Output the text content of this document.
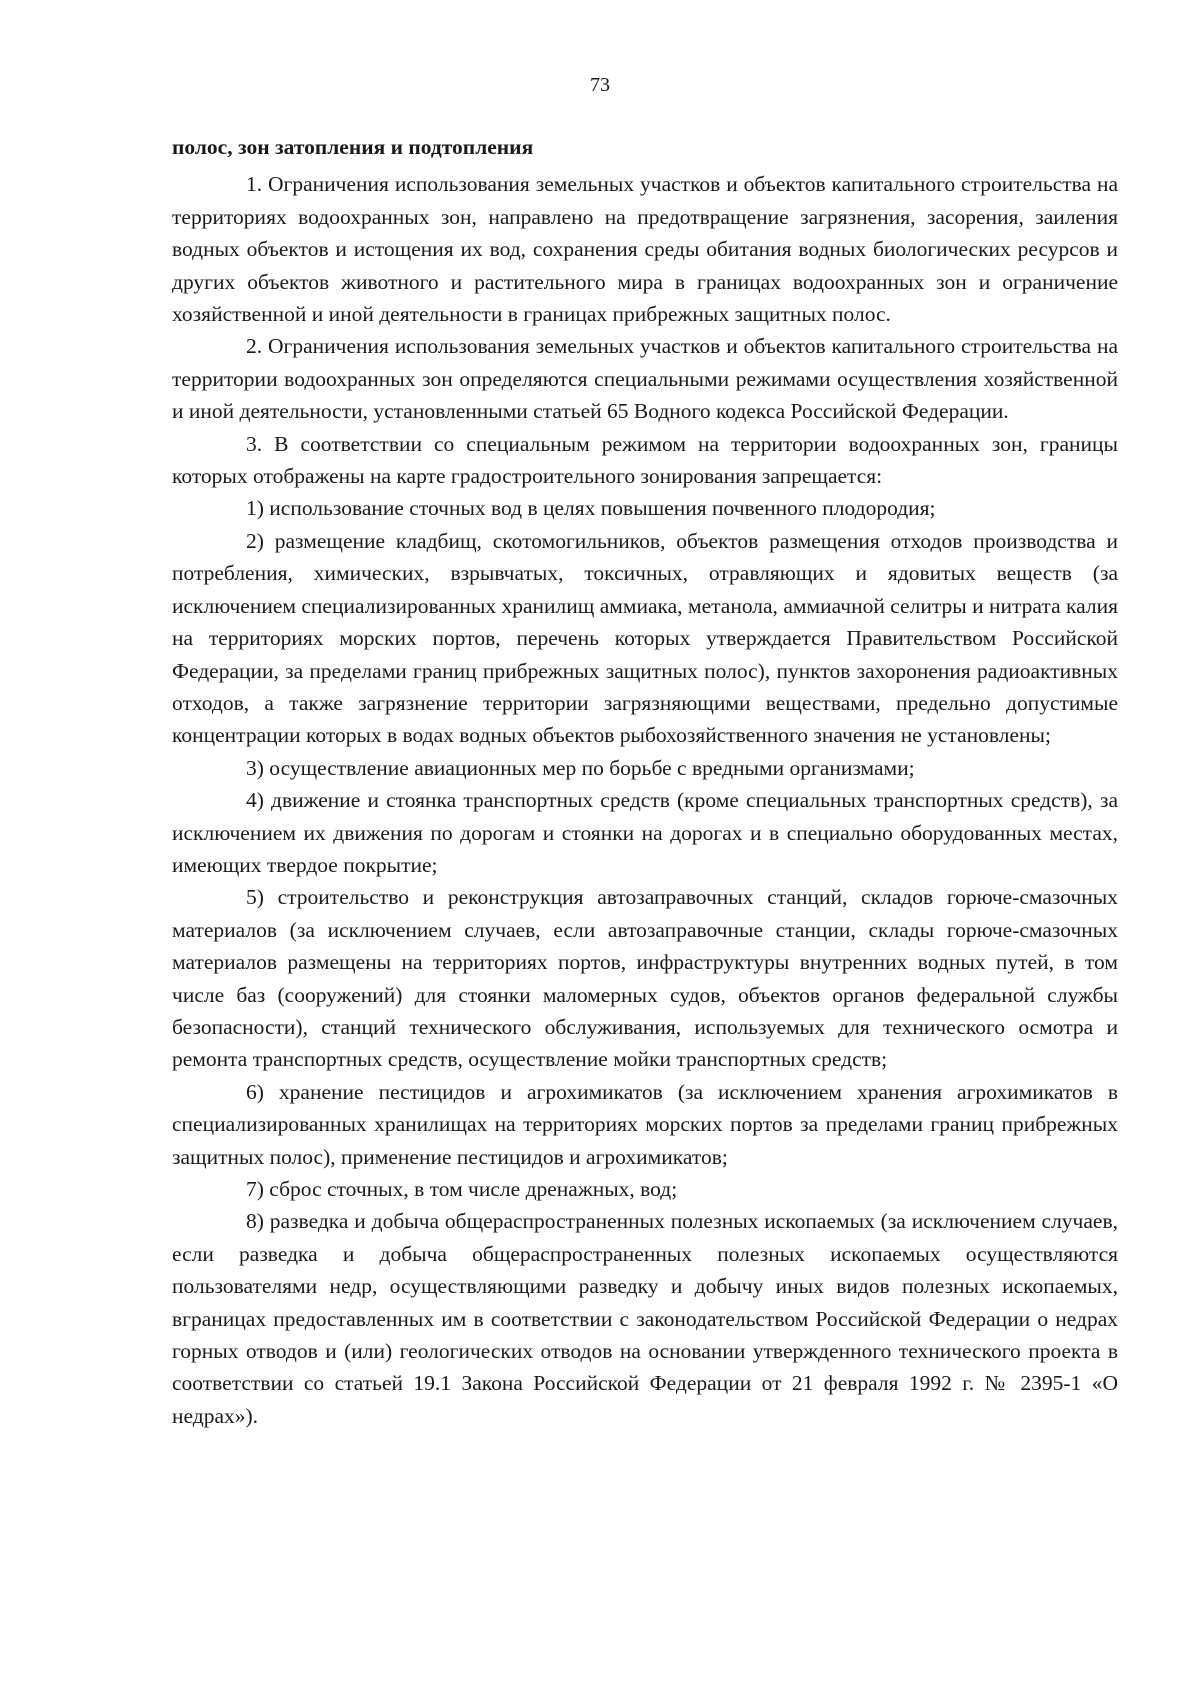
73

полос, зон затопления и подтопления

1. Ограничения использования земельных участков и объектов капитального строительства на территориях водоохранных зон, направлено на предотвращение загрязнения, засорения, заиления водных объектов и истощения их вод, сохранения среды обитания водных биологических ресурсов и других объектов животного и растительного мира в границах водоохранных зон и ограничение хозяйственной и иной деятельности в границах прибрежных защитных полос.

2. Ограничения использования земельных участков и объектов капитального строительства на территории водоохранных зон определяются специальными режимами осуществления хозяйственной и иной деятельности, установленными статьей 65 Водного кодекса Российской Федерации.

3. В соответствии со специальным режимом на территории водоохранных зон, границы которых отображены на карте градостроительного зонирования запрещается:

1) использование сточных вод в целях повышения почвенного плодородия;

2) размещение кладбищ, скотомогильников, объектов размещения отходов производства и потребления, химических, взрывчатых, токсичных, отравляющих и ядовитых веществ (за исключением специализированных хранилищ аммиака, метанола, аммиачной селитры и нитрата калия на территориях морских портов, перечень которых утверждается Правительством Российской Федерации, за пределами границ прибрежных защитных полос), пунктов захоронения радиоактивных отходов, а также загрязнение территории загрязняющими веществами, предельно допустимые концентрации которых в водах водных объектов рыбохозяйственного значения не установлены;

3) осуществление авиационных мер по борьбе с вредными организмами;

4) движение и стоянка транспортных средств (кроме специальных транспортных средств), за исключением их движения по дорогам и стоянки на дорогах и в специально оборудованных местах, имеющих твердое покрытие;

5) строительство и реконструкция автозаправочных станций, складов горюче-смазочных материалов (за исключением случаев, если автозаправочные станции, склады горюче-смазочных материалов размещены на территориях портов, инфраструктуры внутренних водных путей, в том числе баз (сооружений) для стоянки маломерных судов, объектов органов федеральной службы безопасности), станций технического обслуживания, используемых для технического осмотра и ремонта транспортных средств, осуществление мойки транспортных средств;

6) хранение пестицидов и агрохимикатов (за исключением хранения агрохимикатов в специализированных хранилищах на территориях морских портов за пределами границ прибрежных защитных полос), применение пестицидов и агрохимикатов;

7) сброс сточных, в том числе дренажных, вод;

8) разведка и добыча общераспространенных полезных ископаемых (за исключением случаев, если разведка и добыча общераспространенных полезных ископаемых осуществляются пользователями недр, осуществляющими разведку и добычу иных видов полезных ископаемых, вграницах предоставленных им в соответствии с законодательством Российской Федерации о недрах горных отводов и (или) геологических отводов на основании утвержденного технического проекта в соответствии со статьей 19.1 Закона Российской Федерации от 21 февраля 1992 г. № 2395-1 «О недрах»).
